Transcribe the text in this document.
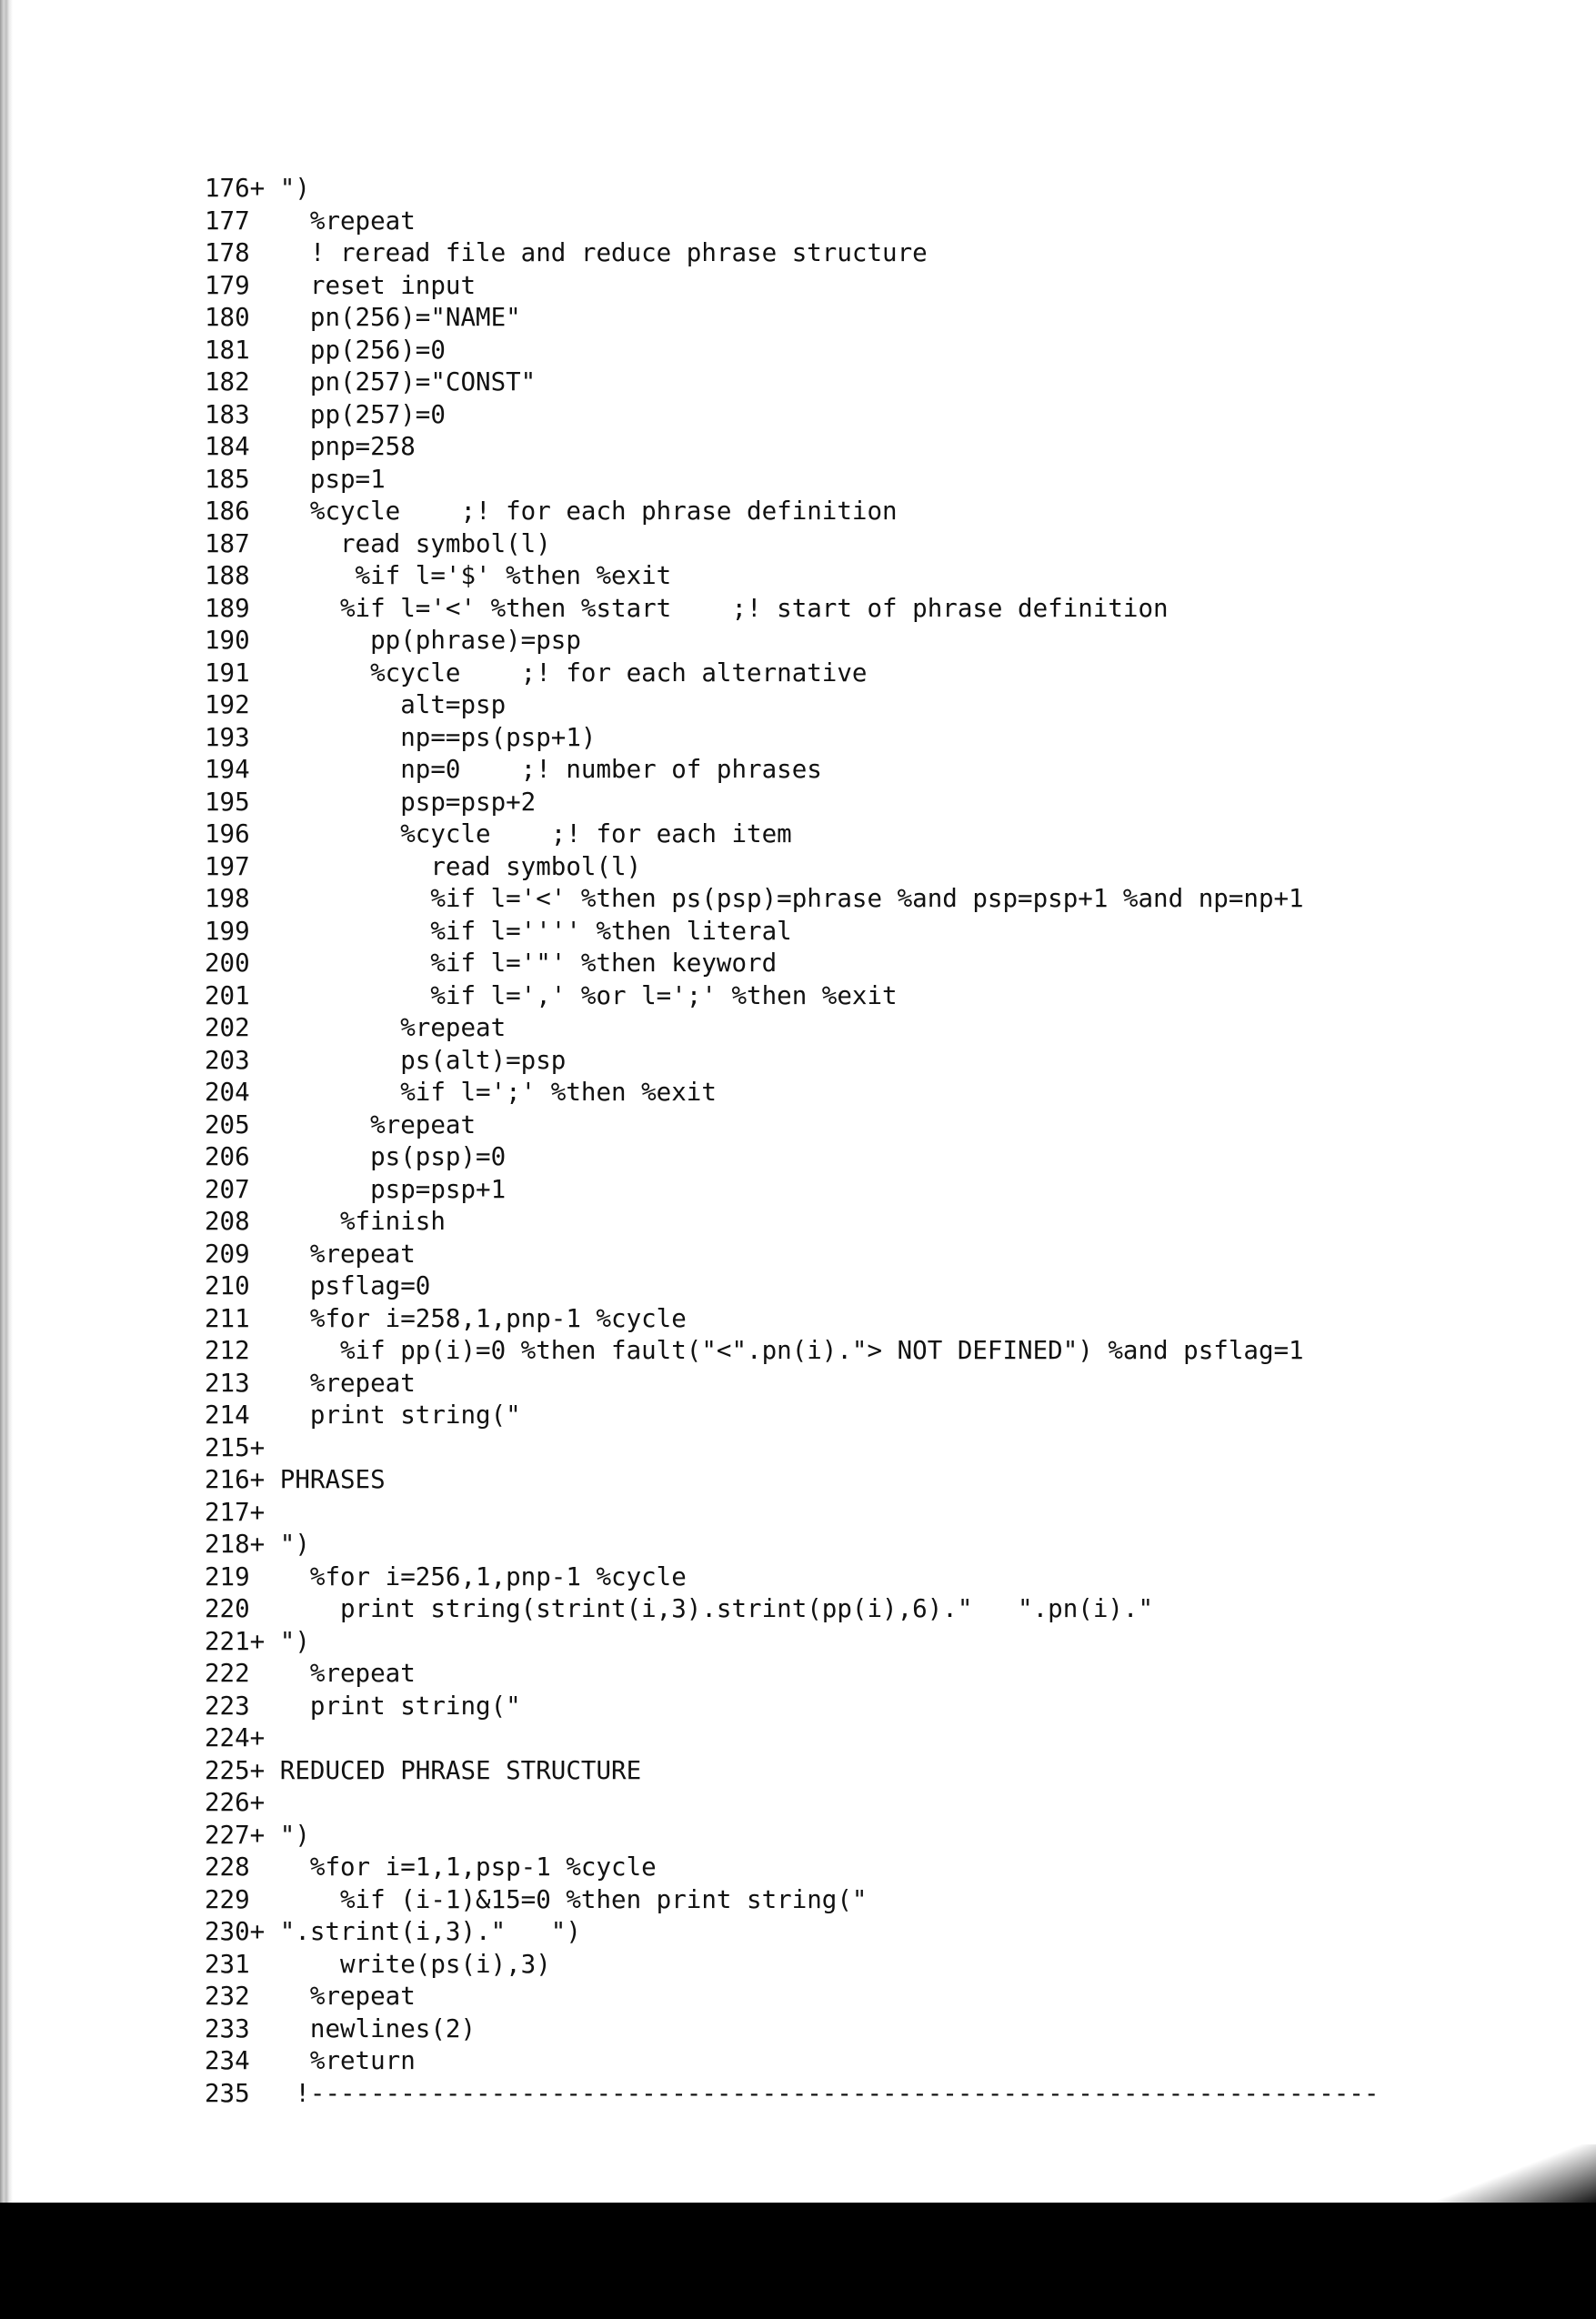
176+ ")
177 %repeat
178 ! reread file and reduce phrase structure
179 reset input
180 pn(256)="NAME"
181 pp(256)=0
182 pn(257)="CONST"
183 pp(257)=0
184 pnp=258
185 psp=1
186 %cycle    ;! for each phrase definition
187 read symbol(l)
188 %if l='$' %then %exit
189 %if l='<' %then %start    ;! start of phrase definition
190 pp(phrase)=psp
191 %cycle    ;! for each alternative
192 alt=psp
193 np==ps(psp+1)
194 np=0    ;! number of phrases
195 psp=psp+2
196 %cycle    ;! for each item
197 read symbol(l)
198 %if l='<' %then ps(psp)=phrase %and psp=psp+1 %and np=np+1
199 %if l='''' %then literal
200 %if l='"' %then keyword
201 %if l=',' %or l=';' %then %exit
202 %repeat
203 ps(alt)=psp
204 %if l=';' %then %exit
205 %repeat
206 ps(psp)=0
207 psp=psp+1
208 %finish
209 %repeat
210 psflag=0
211 %for i=258,1,pnp-1 %cycle
212 %if pp(i)=0 %then fault("<".pn(i)."> NOT DEFINED") %and psflag=1
213 %repeat
214 print string("
215+
216+ PHRASES
217+
218+ ")
219 %for i=256,1,pnp-1 %cycle
220 print string(strint(i,3).strint(pp(i),6)."   ".pn(i)."
221+ ")
222 %repeat
223 print string("
224+
225+ REDUCED PHRASE STRUCTURE
226+
227+ ")
228 %for i=1,1,psp-1 %cycle
229 %if (i-1)&15=0 %then print string("
230+ ".strint(i,3)."   ")
231 write(ps(i),3)
232 %repeat
233 newlines(2)
234 %return
235 !-----------------------------------------------------------------------
